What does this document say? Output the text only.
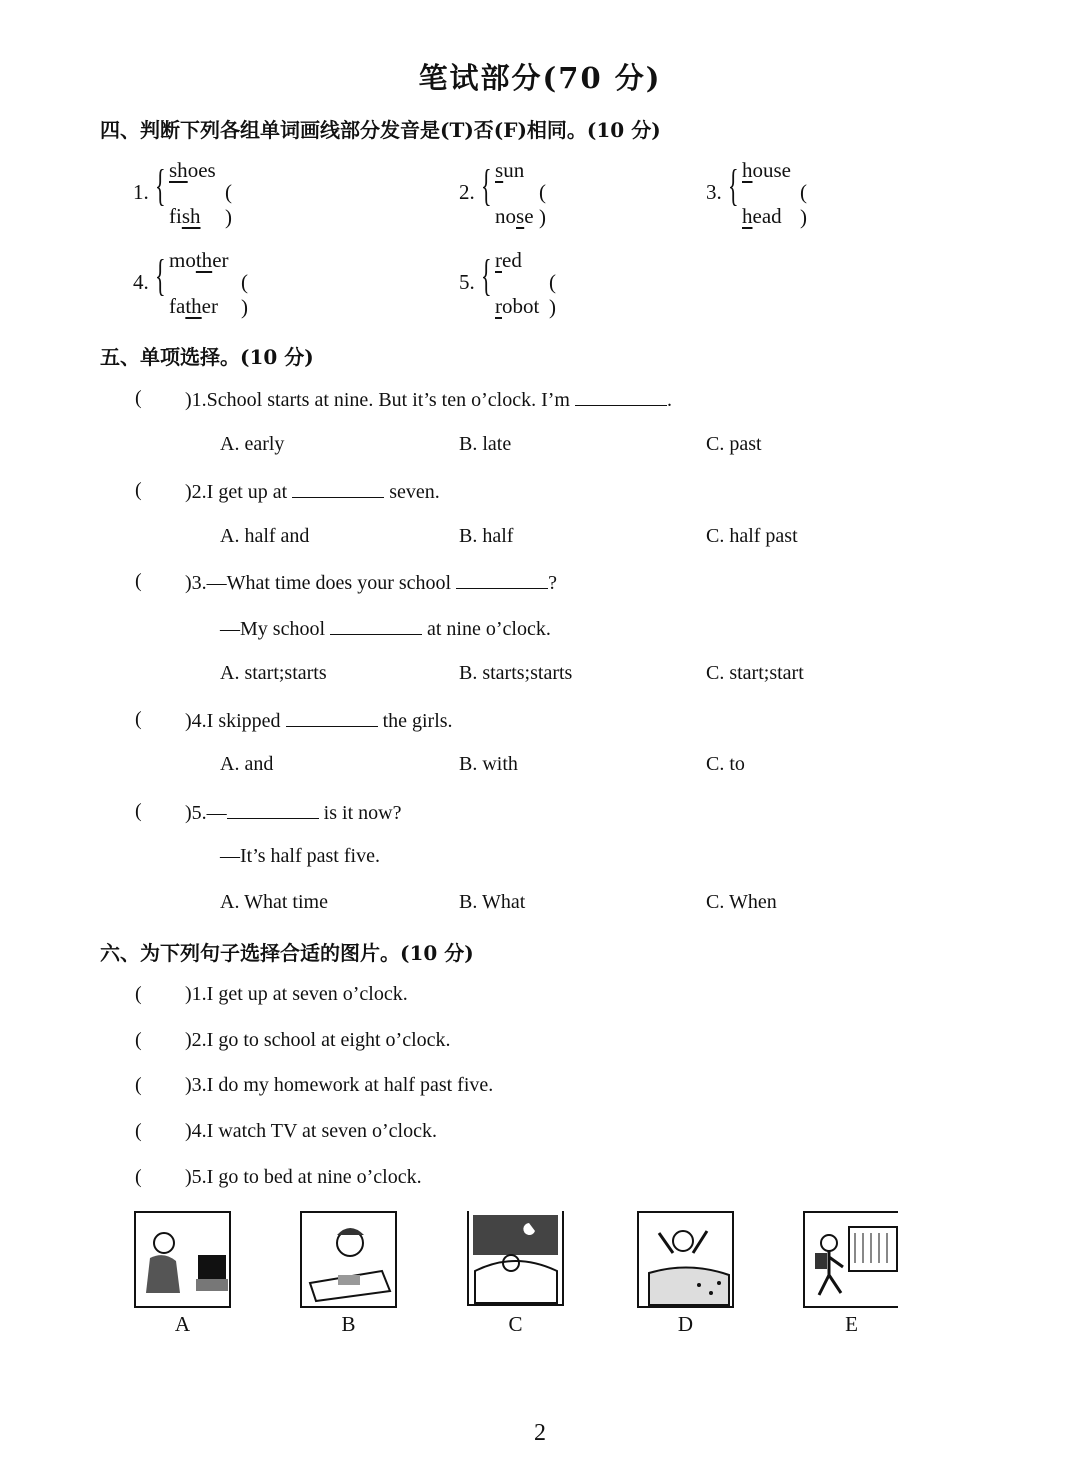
笔试部分(70 分)
四、判断下列各组单词画线部分发音是(T)否(F)相同。(10 分)
1. { shoes
fish
( )
2. { sun
nose
( )
3. { house
head
( )
4. { mother
father
( )
5. { red
robot
( )
五、单项选择。(10 分)
( )1.School starts at nine. But it’s ten o’clock. I’m	.
A. early	B. late	C. past
( )2.I get up at	seven.
A. half and	B. half	C. half past
( )3.—What time does your school	?
—My school	at nine o’clock.
A. start;starts	B. starts;starts	C. start;start
( )4.I skipped	the girls.
A. and	B. with	C. to
( )5.—	is it now?
—It’s half past five.
A. What time	B. What	C. When
六、为下列句子选择合适的图片。(10 分)
( )1.I get up at seven o’clock.
( )2.I go to school at eight o’clock.
( )3.I do my homework at half past five.
( )4.I watch TV at seven o’clock.
( )5.I go to bed at nine o’clock.
A	B	C	D	E
2
